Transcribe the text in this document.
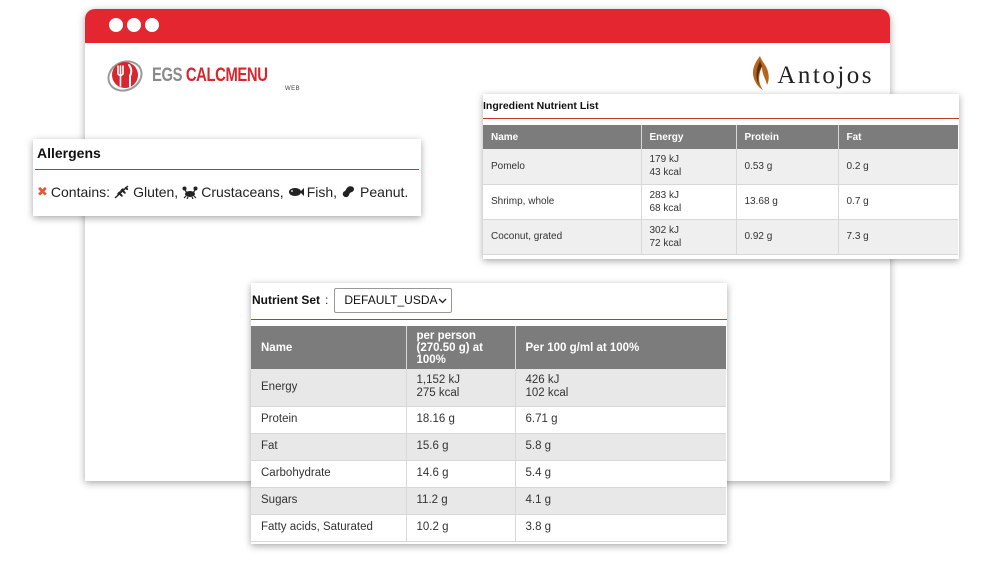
EGS CALCMENU
WEB	Antojos
Allergens
✖ Contains: Gluten, Crustaceans, Fish, Peanut.
Ingredient Nutrient List
Name	Energy	Protein	Fat
Pomelo	179 kJ
43 kcal	0.53 g	0.2 g
Shrimp, whole	283 kJ
68 kcal	13.68 g	0.7 g
Coconut, grated	302 kJ
72 kcal	0.92 g	7.3 g
Nutrient Set : DEFAULT_USDA
Name	per person (270.50 g) at 100%	Per 100 g/ml at 100%
Energy	1,152 kJ
275 kcal	426 kJ
102 kcal

Protein	18.16 g	6.71 g
Fat	15.6 g	5.8 g
Carbohydrate	14.6 g	5.4 g
Sugars	11.2 g	4.1 g
Fatty acids, Saturated	10.2 g	3.8 g
